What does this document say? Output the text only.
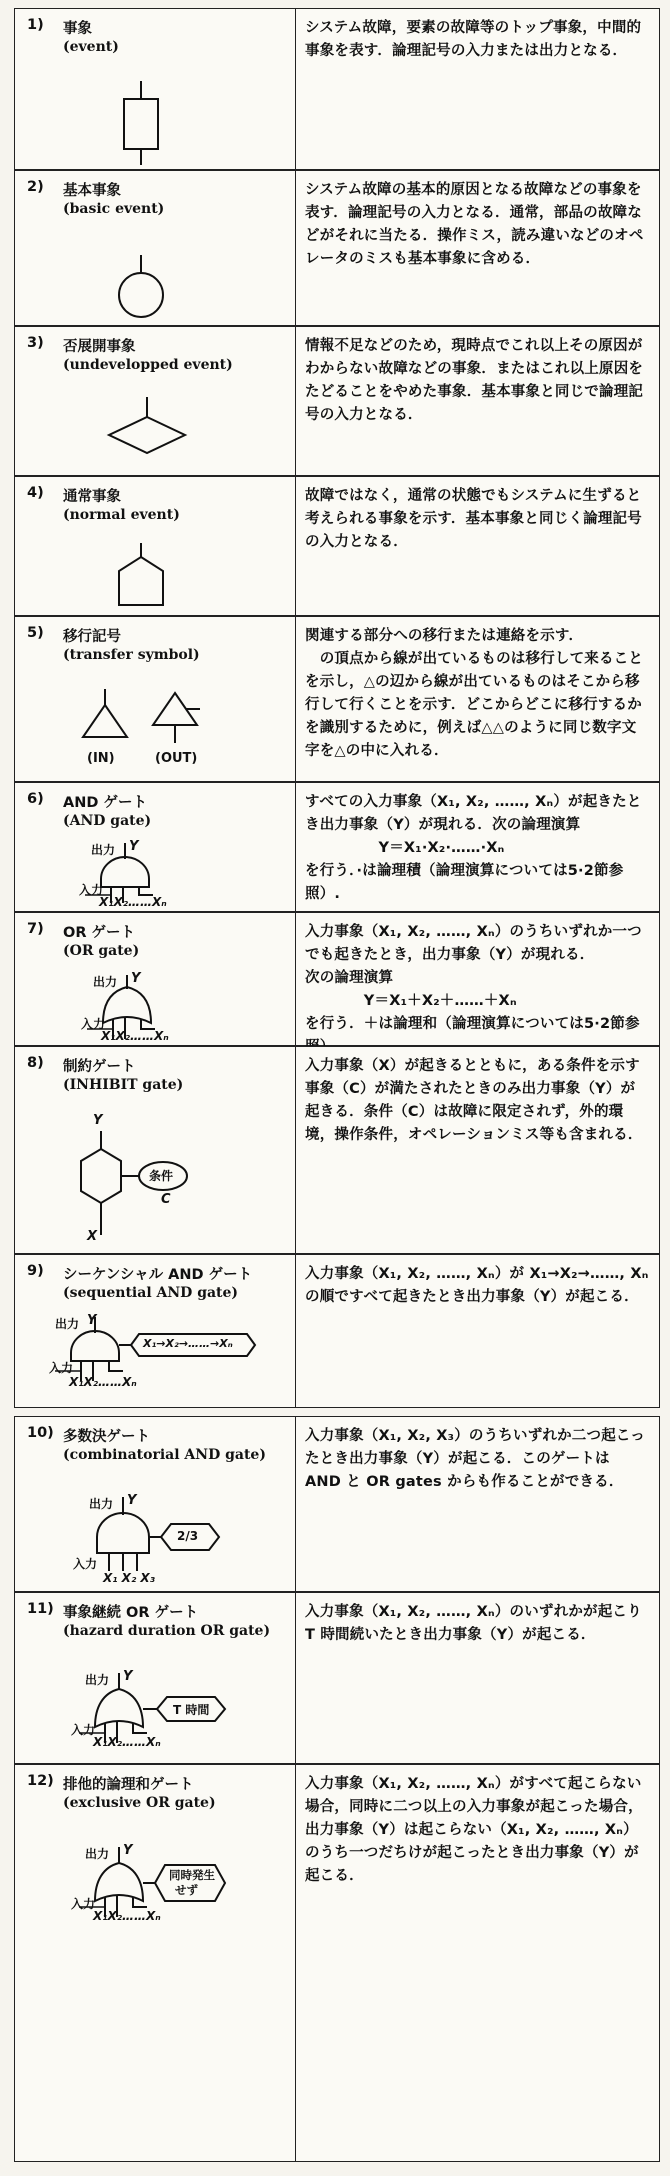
1) 事象
(event)
システム故障，要素の故障等のトップ事象，中間的事象を表す．論理記号の入力または出力となる．
2) 基本事象
(basic event)
システム故障の基本的原因となる故障などの事象を表す．論理記号の入力となる．通常，部品の故障などがそれに当たる．操作ミス，読み違いなどのオペレータのミスも基本事象に含める．
3) 否展開事象
(undevelopped event)
情報不足などのため，現時点でこれ以上その原因がわからない故障などの事象．またはこれ以上原因をたどることをやめた事象．基本事象と同じで論理記号の入力となる．
4) 通常事象
(normal event)
故障ではなく，通常の状態でもシステムに生ずると考えられる事象を示す．基本事象と同じく論理記号の入力となる．
5) 移行記号
(transfer symbol)
(IN)	(OUT)
関連する部分への移行または連絡を示す．
　の頂点から線が出ているものは移行して来ることを示し，△の辺から線が出ているものはそこから移行して行くことを示す．どこからどこに移行するかを識別するために，例えば△△のように同じ数字文字を△の中に入れる．
6) AND ゲート
(AND gate)
出力 Y
入力
X₁X₂……Xₙ
すべての入力事象（X₁, X₂, ……, Xₙ）が起きたとき出力事象（Y）が現れる．次の論理演算
　　　　　Y＝X₁·X₂·……·Xₙ
を行う．·は論理積（論理演算については5·2節参照）.
7) OR ゲート
(OR gate)
出力 Y
入力
X₁X₂……Xₙ
入力事象（X₁, X₂, ……, Xₙ）のうちいずれか一つでも起きたとき，出力事象（Y）が現れる．
次の論理演算
　　　　Y＝X₁＋X₂＋……＋Xₙ
を行う．＋は論理和（論理演算については5·2節参
8) 制約ゲート
(INHIBIT gate)
Y
X
条件
C
入力事象（X）が起きるとともに，ある条件を示す事象（C）が満たされたときのみ出力事象（Y）が起きる．条件（C）は故障に限定されず，外的環境，操作条件，オペレーションミス等も含まれる．
9) シーケンシャル AND ゲート
(sequential AND gate)
出力 Y
X₁→X₂→……→Xₙ
入力
X₁X₂……Xₙ
入力事象（X₁, X₂, ……, Xₙ）が X₁→X₂→……, Xₙ の順ですべて起きたとき出力事象（Y）が起こる．
10) 多数決ゲート
(combinatorial AND gate)
出力 Y
2/3
入力
X₁ X₂ X₃
入力事象（X₁, X₂, X₃）のうちいずれか二つ起こったとき出力事象（Y）が起こる．このゲートは AND と OR gates からも作ることができる．
11) 事象継続 OR ゲート
(hazard duration OR gate)
出力 Y
T 時間
入力
X₁X₂……Xₙ
入力事象（X₁, X₂, ……, Xₙ）のいずれかが起こり T 時間続いたとき出力事象（Y）が起こる．
12) 排他的論理和ゲート
(exclusive OR gate)
出力 Y
同時発生
せず
入力
X₁X₂……Xₙ
入力事象（X₁, X₂, ……, Xₙ）がすべて起こらない場合，同時に二つ以上の入力事象が起こった場合，出力事象（Y）は起こらない（X₁, X₂, ……, Xₙ）のうち一つだちけが起こったとき出力事象（Y）が起こる．
